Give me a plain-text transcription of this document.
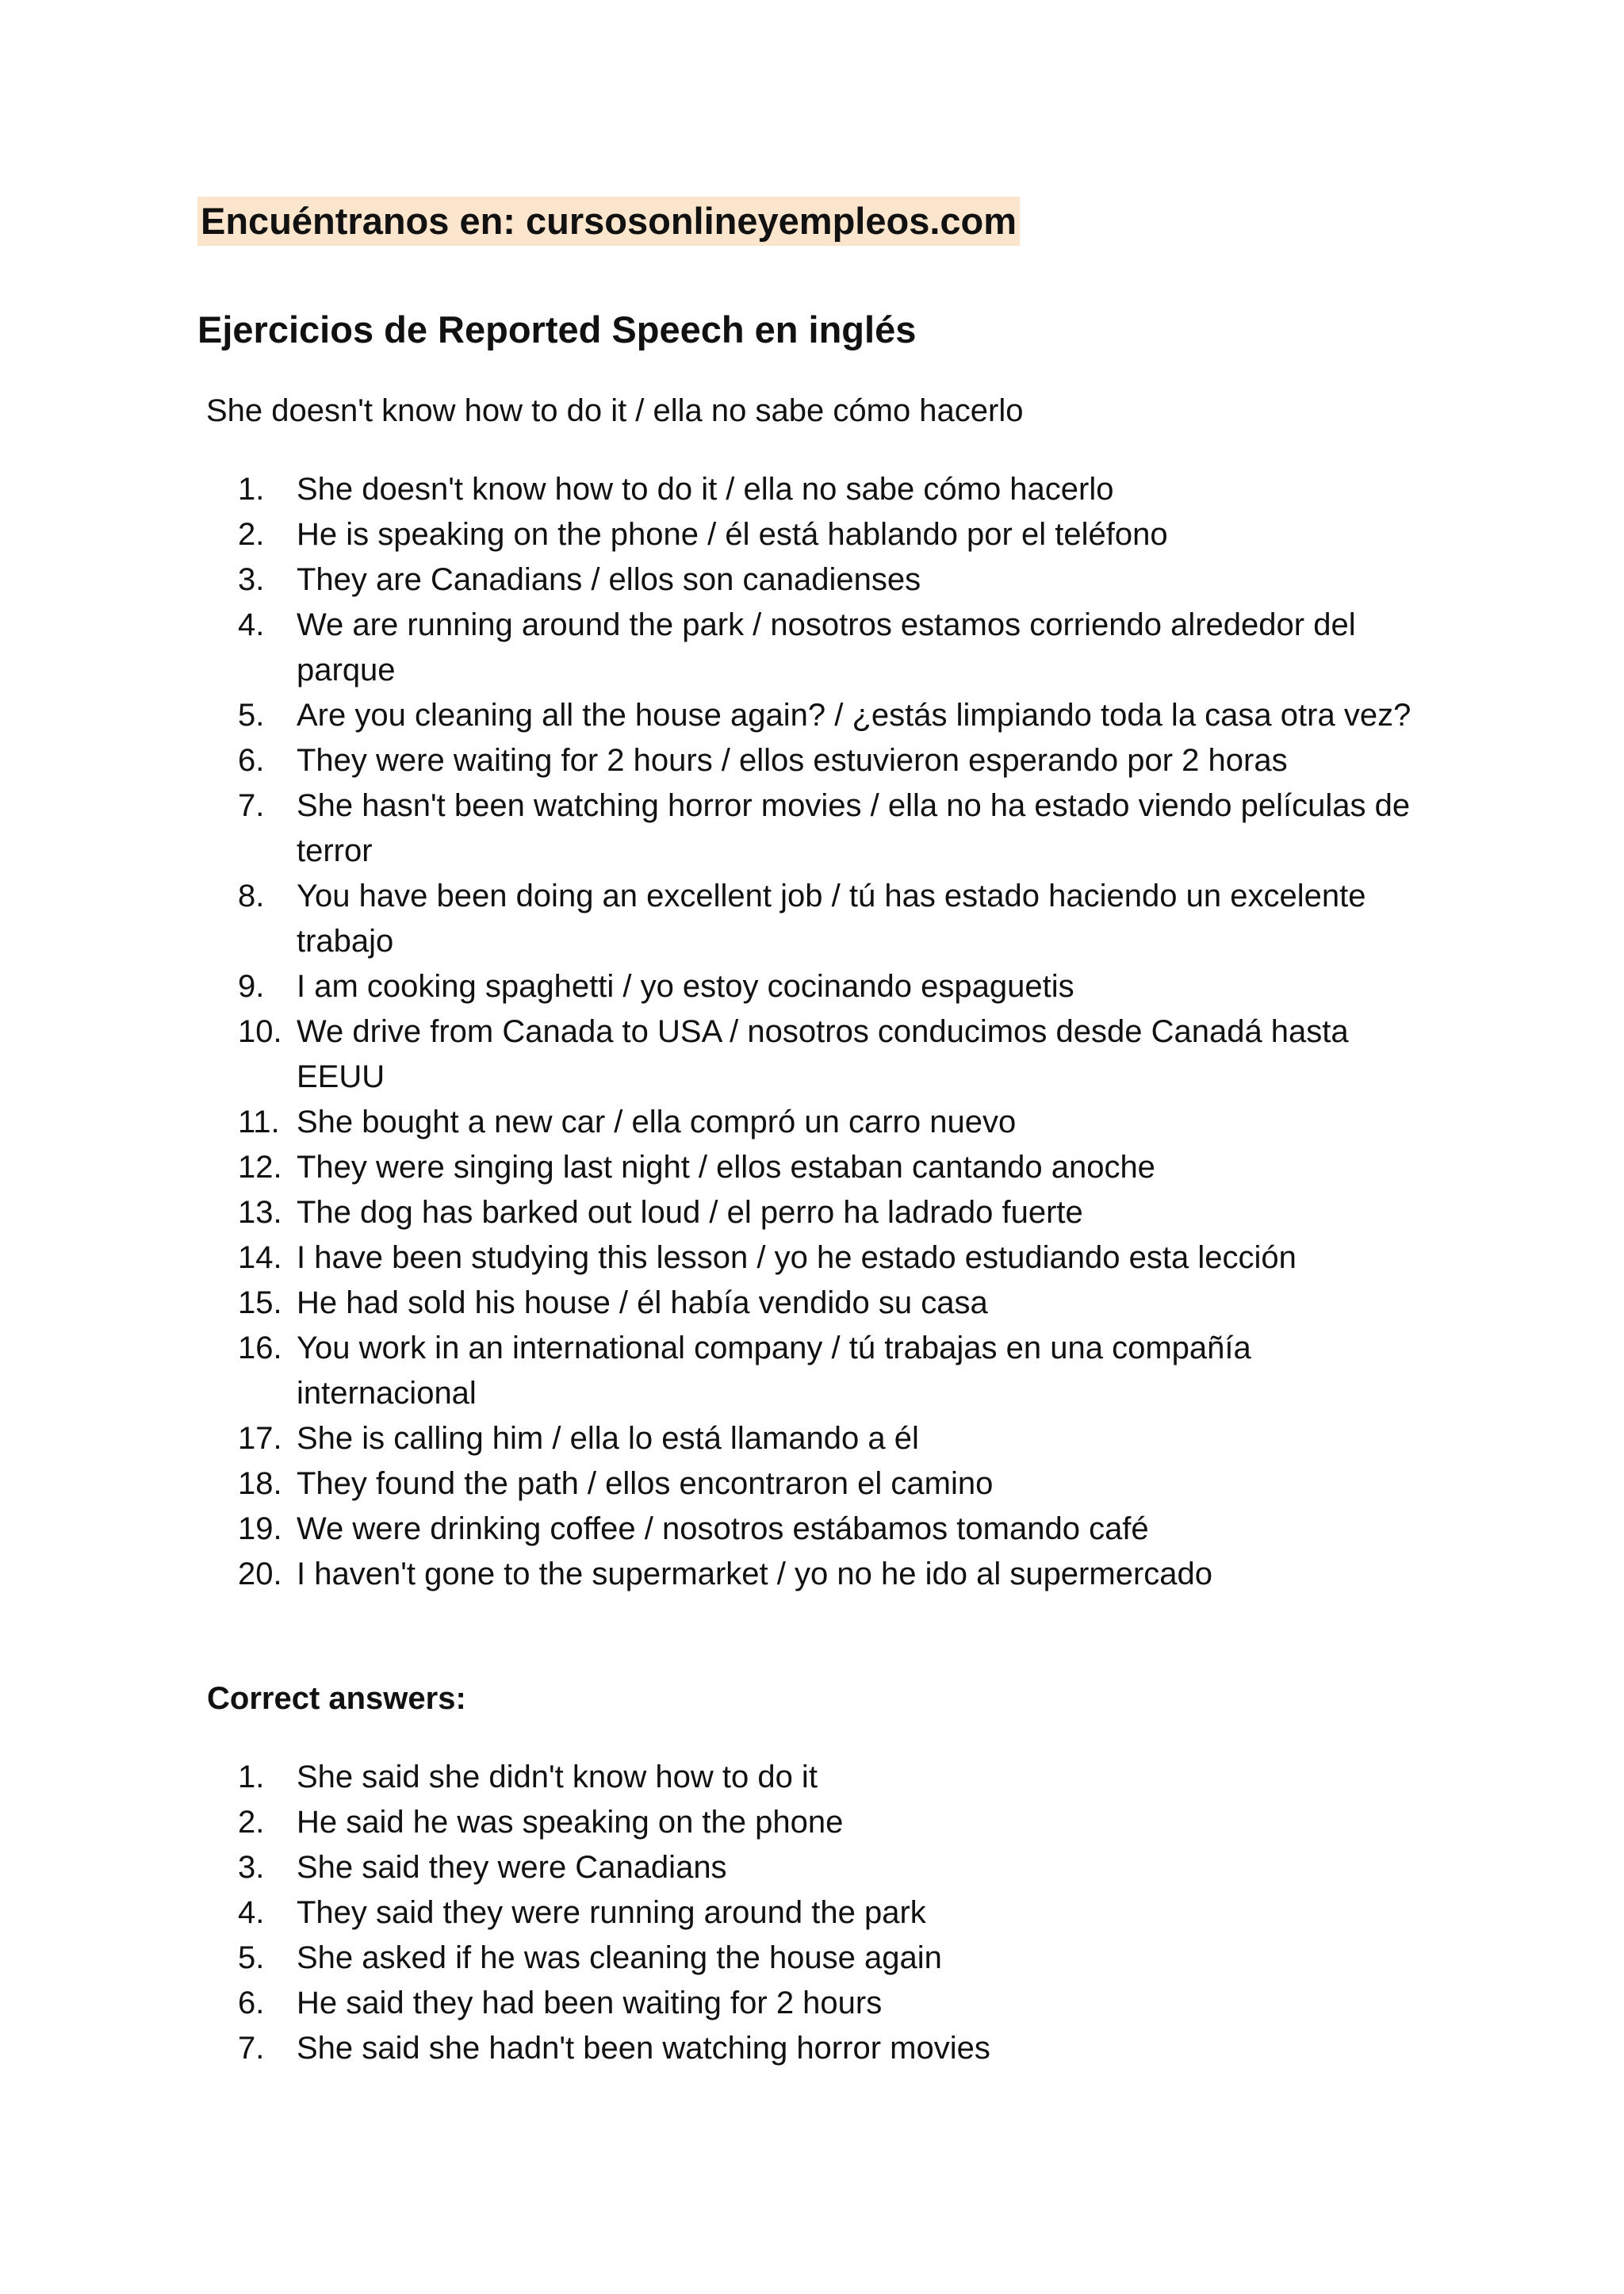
Encuéntranos en: cursosonlineyempleos.com
Ejercicios de Reported Speech en inglés

She doesn't know how to do it / ella no sabe cómo hacerlo

1. She doesn't know how to do it / ella no sabe cómo hacerlo
2. He is speaking on the phone / él está hablando por el teléfono
3. They are Canadians / ellos son canadienses
4. We are running around the park / nosotros estamos corriendo alrededor del parque
5. Are you cleaning all the house again? / ¿estás limpiando toda la casa otra vez?
6. They were waiting for 2 hours / ellos estuvieron esperando por 2 horas
7. She hasn't been watching horror movies / ella no ha estado viendo películas de terror
8. You have been doing an excellent job / tú has estado haciendo un excelente trabajo
9. I am cooking spaghetti / yo estoy cocinando espaguetis
10. We drive from Canada to USA / nosotros conducimos desde Canadá hasta EEUU
11. She bought a new car / ella compró un carro nuevo
12. They were singing last night / ellos estaban cantando anoche
13. The dog has barked out loud / el perro ha ladrado fuerte
14. I have been studying this lesson / yo he estado estudiando esta lección
15. He had sold his house / él había vendido su casa
16. You work in an international company / tú trabajas en una compañía internacional
17. She is calling him / ella lo está llamando a él
18. They found the path / ellos encontraron el camino
19. We were drinking coffee / nosotros estábamos tomando café
20. I haven't gone to the supermarket / yo no he ido al supermercado

Correct answers:

1. She said she didn't know how to do it
2. He said he was speaking on the phone
3. She said they were Canadians
4. They said they were running around the park
5. She asked if he was cleaning the house again
6. He said they had been waiting for 2 hours
7. She said she hadn't been watching horror movies
